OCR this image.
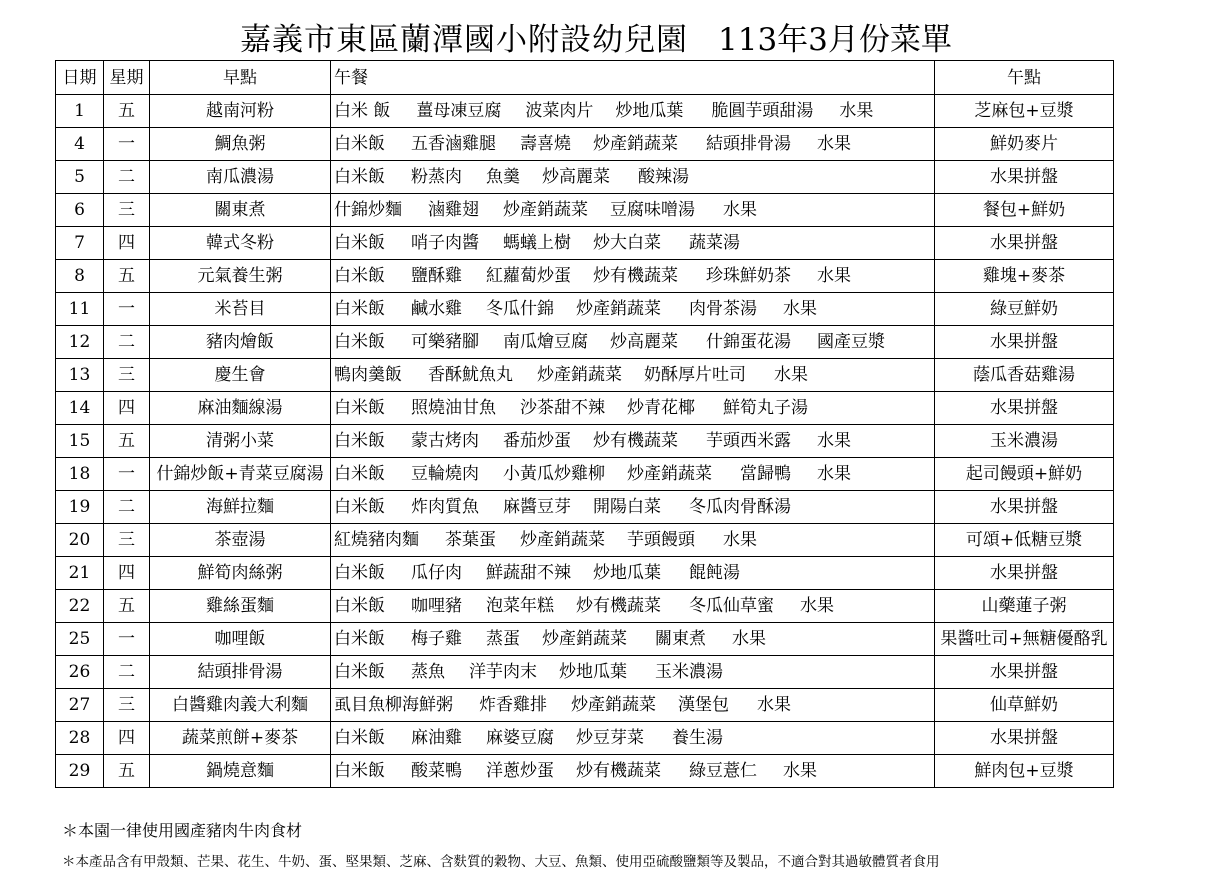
嘉義市東區蘭潭國小附設幼兒園 113年3月份菜單
日期	星期	早點	午餐	午點
1	五	越南河粉	白米 飯 薑母凍豆腐 波菜肉片 炒地瓜葉 脆圓芋頭甜湯 水果	芝麻包+豆漿
4	一	鯛魚粥	白米飯 五香滷雞腿 壽喜燒 炒產銷蔬菜 結頭排骨湯 水果	鮮奶麥片
5	二	南瓜濃湯	白米飯 粉蒸肉 魚羹 炒高麗菜 酸辣湯	水果拼盤
6	三	關東煮	什錦炒麵 滷雞翅 炒產銷蔬菜 豆腐味噌湯 水果	餐包+鮮奶
7	四	韓式冬粉	白米飯 哨子肉醬 螞蟻上樹 炒大白菜 蔬菜湯	水果拼盤
8	五	元氣養生粥	白米飯 鹽酥雞 紅蘿蔔炒蛋 炒有機蔬菜 珍珠鮮奶茶 水果	雞塊+麥茶
11	一	米苔目	白米飯 鹹水雞 冬瓜什錦 炒產銷蔬菜 肉骨茶湯 水果	綠豆鮮奶
12	二	豬肉燴飯	白米飯 可樂豬腳 南瓜燴豆腐 炒高麗菜 什錦蛋花湯 國產豆漿	水果拼盤
13	三	慶生會	鴨肉羹飯 香酥魷魚丸 炒產銷蔬菜 奶酥厚片吐司 水果	蔭瓜香菇雞湯
14	四	麻油麵線湯	白米飯 照燒油甘魚 沙茶甜不辣 炒青花椰 鮮筍丸子湯	水果拼盤
15	五	清粥小菜	白米飯 蒙古烤肉 番茄炒蛋 炒有機蔬菜 芋頭西米露 水果	玉米濃湯
18	一	什錦炒飯+青菜豆腐湯	白米飯 豆輪燒肉 小黃瓜炒雞柳 炒產銷蔬菜 當歸鴨 水果	起司饅頭+鮮奶
19	二	海鮮拉麵	白米飯 炸肉質魚 麻醬豆芽 開陽白菜 冬瓜肉骨酥湯	水果拼盤
20	三	茶壺湯	紅燒豬肉麵 茶葉蛋 炒產銷蔬菜 芋頭饅頭 水果	可頌+低糖豆漿
21	四	鮮筍肉絲粥	白米飯 瓜仔肉 鮮蔬甜不辣 炒地瓜葉 餛飩湯	水果拼盤
22	五	雞絲蛋麵	白米飯 咖哩豬 泡菜年糕 炒有機蔬菜 冬瓜仙草蜜 水果	山藥蓮子粥
25	一	咖哩飯	白米飯 梅子雞 蒸蛋 炒產銷蔬菜 關東煮 水果	果醬吐司+無糖優酪乳
26	二	結頭排骨湯	白米飯 蒸魚 洋芋肉末 炒地瓜葉 玉米濃湯	水果拼盤
27	三	白醬雞肉義大利麵	虱目魚柳海鮮粥 炸香雞排 炒產銷蔬菜 漢堡包 水果	仙草鮮奶
28	四	蔬菜煎餅+麥茶	白米飯 麻油雞 麻婆豆腐 炒豆芽菜 養生湯	水果拼盤
29	五	鍋燒意麵	白米飯 酸菜鴨 洋蔥炒蛋 炒有機蔬菜 綠豆薏仁 水果	鮮肉包+豆漿
＊本園一律使用國產豬肉牛肉食材
＊本產品含有甲殼類、芒果、花生、牛奶、蛋、堅果類、芝麻、含麩質的穀物、大豆、魚類、使用亞硫酸鹽類等及製品，不適合對其過敏體質者食用
